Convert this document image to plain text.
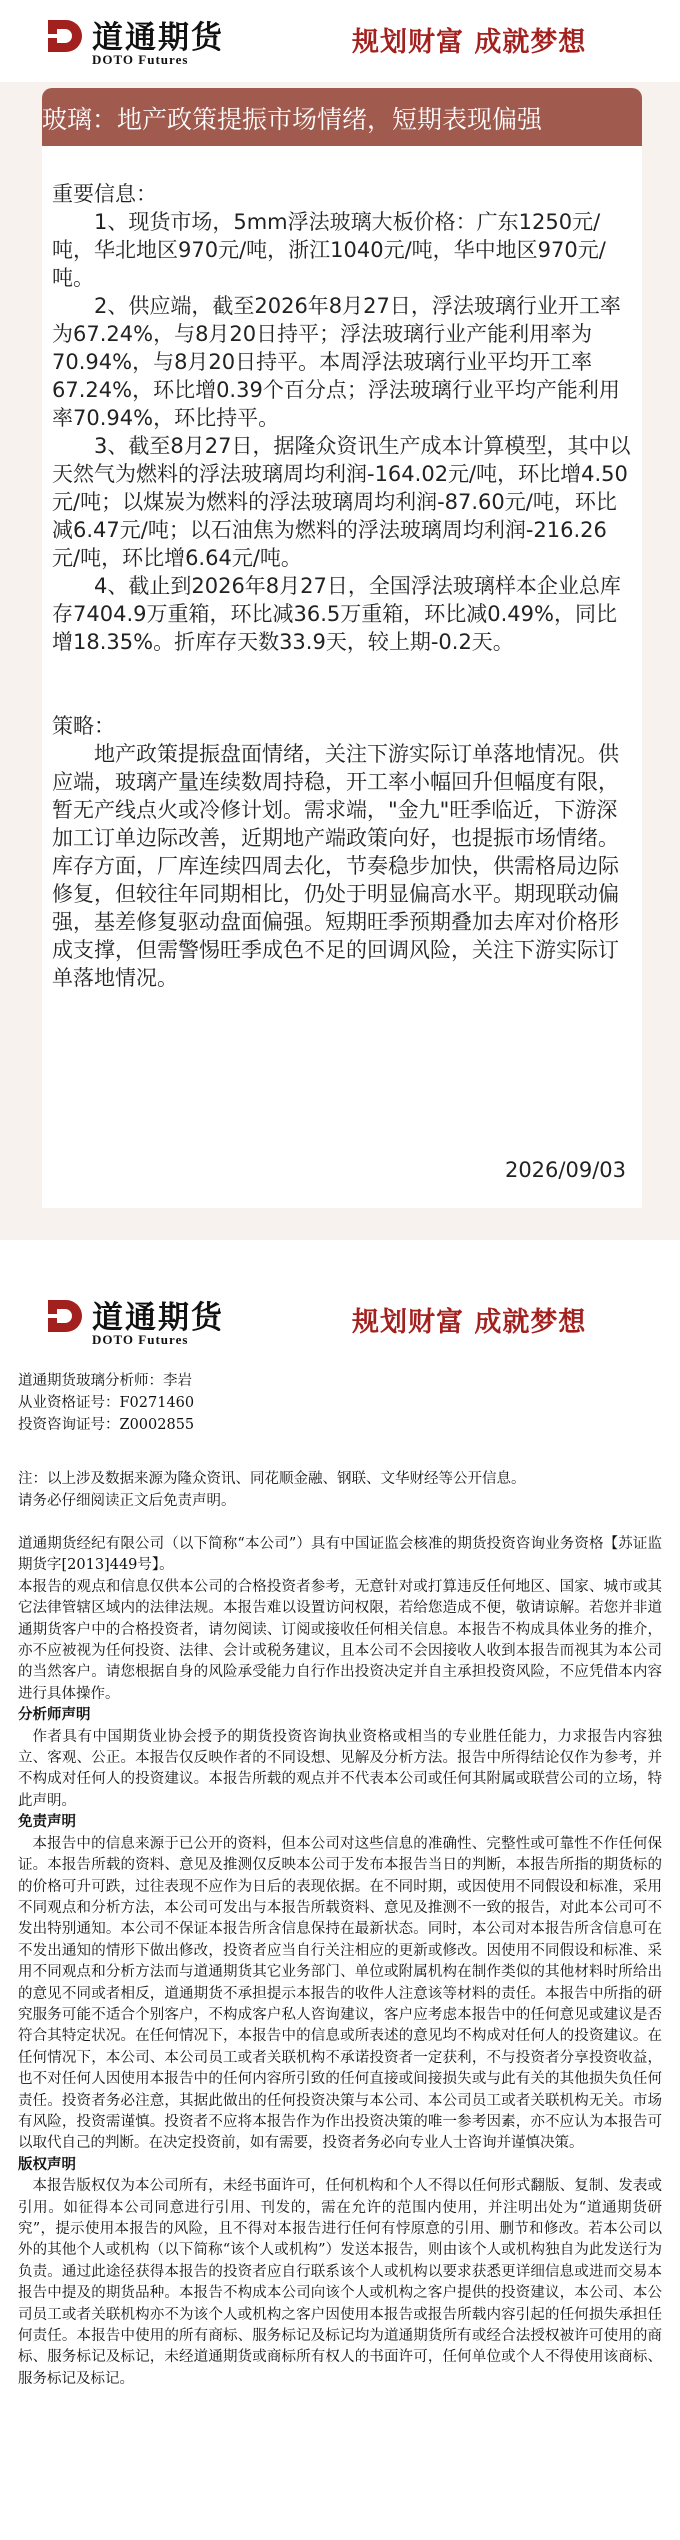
道通期货
DOTO Futures
规划财富 成就梦想
玻璃：地产政策提振市场情绪，短期表现偏强
重要信息：

1、现货市场，5mm浮法玻璃大板价格：广东1250元/吨，华北地区970元/吨，浙江1040元/吨，华中地区970元/吨。

2、供应端，截至2026年8月27日，浮法玻璃行业开工率为67.24%，与8月20日持平；浮法玻璃行业产能利用率为70.94%，与8月20日持平。本周浮法玻璃行业平均开工率67.24%，环比增0.39个百分点；浮法玻璃行业平均产能利用率70.94%，环比持平。

3、截至8月27日，据隆众资讯生产成本计算模型，其中以天然气为燃料的浮法玻璃周均利润-164.02元/吨，环比增4.50元/吨；以煤炭为燃料的浮法玻璃周均利润-87.60元/吨，环比减6.47元/吨；以石油焦为燃料的浮法玻璃周均利润-216.26元/吨，环比增6.64元/吨。

4、截止到2026年8月27日，全国浮法玻璃样本企业总库存7404.9万重箱，环比减36.5万重箱，环比减0.49%，同比增18.35%。折库存天数33.9天，较上期-0.2天。

策略：

地产政策提振盘面情绪，关注下游实际订单落地情况。供应端，玻璃产量连续数周持稳，开工率小幅回升但幅度有限，暂无产线点火或冷修计划。需求端，"金九"旺季临近，下游深加工订单边际改善，近期地产端政策向好，也提振市场情绪。库存方面，厂库连续四周去化，节奏稳步加快，供需格局边际修复，但较往年同期相比，仍处于明显偏高水平。期现联动偏强，基差修复驱动盘面偏强。短期旺季预期叠加去库对价格形成支撑，但需警惕旺季成色不足的回调风险，关注下游实际订单落地情况。

2026/09/03
道通期货
DOTO Futures
规划财富 成就梦想
道通期货玻璃分析师：李岩
从业资格证号：F0271460
投资咨询证号：Z0002855
注：以上涉及数据来源为隆众资讯、同花顺金融、钢联、文华财经等公开信息。
请务必仔细阅读正文后免责声明。

道通期货经纪有限公司（以下简称“本公司”）具有中国证监会核准的期货投资咨询业务资格【苏证监期货字[2013]449号】。

本报告的观点和信息仅供本公司的合格投资者参考，无意针对或打算违反任何地区、国家、城市或其它法律管辖区域内的法律法规。本报告难以设置访问权限，若给您造成不便，敬请谅解。若您并非道通期货客户中的合格投资者，请勿阅读、订阅或接收任何相关信息。本报告不构成具体业务的推介，亦不应被视为任何投资、法律、会计或税务建议，且本公司不会因接收人收到本报告而视其为本公司的当然客户。请您根据自身的风险承受能力自行作出投资决定并自主承担投资风险，不应凭借本内容进行具体操作。

分析师声明

作者具有中国期货业协会授予的期货投资咨询执业资格或相当的专业胜任能力，力求报告内容独立、客观、公正。本报告仅反映作者的不同设想、见解及分析方法。报告中所得结论仅作为参考，并不构成对任何人的投资建议。本报告所载的观点并不代表本公司或任何其附属或联营公司的立场，特此声明。

免责声明

本报告中的信息来源于已公开的资料，但本公司对这些信息的准确性、完整性或可靠性不作任何保证。本报告所载的资料、意见及推测仅反映本公司于发布本报告当日的判断，本报告所指的期货标的的价格可升可跌，过往表现不应作为日后的表现依据。在不同时期，或因使用不同假设和标准，采用不同观点和分析方法，本公司可发出与本报告所载资料、意见及推测不一致的报告，对此本公司可不发出特别通知。本公司不保证本报告所含信息保持在最新状态。同时，本公司对本报告所含信息可在不发出通知的情形下做出修改，投资者应当自行关注相应的更新或修改。因使用不同假设和标准、采用不同观点和分析方法而与道通期货其它业务部门、单位或附属机构在制作类似的其他材料时所给出的意见不同或者相反，道通期货不承担提示本报告的收件人注意该等材料的责任。本报告中所指的研究服务可能不适合个别客户，不构成客户私人咨询建议，客户应考虑本报告中的任何意见或建议是否符合其特定状况。在任何情况下，本报告中的信息或所表述的意见均不构成对任何人的投资建议。在任何情况下，本公司、本公司员工或者关联机构不承诺投资者一定获利，不与投资者分享投资收益，也不对任何人因使用本报告中的任何内容所引致的任何直接或间接损失或与此有关的其他损失负任何责任。投资者务必注意，其据此做出的任何投资决策与本公司、本公司员工或者关联机构无关。市场有风险，投资需谨慎。投资者不应将本报告作为作出投资决策的唯一参考因素，亦不应认为本报告可以取代自己的判断。在决定投资前，如有需要，投资者务必向专业人士咨询并谨慎决策。

版权声明

本报告版权仅为本公司所有，未经书面许可，任何机构和个人不得以任何形式翻版、复制、发表或引用。如征得本公司同意进行引用、刊发的，需在允许的范围内使用，并注明出处为“道通期货研究”，提示使用本报告的风险，且不得对本报告进行任何有悖原意的引用、删节和修改。若本公司以外的其他个人或机构（以下简称“该个人或机构”）发送本报告，则由该个人或机构独自为此发送行为负责。通过此途径获得本报告的投资者应自行联系该个人或机构以要求获悉更详细信息或进而交易本报告中提及的期货品种。本报告不构成本公司向该个人或机构之客户提供的投资建议，本公司、本公司员工或者关联机构亦不为该个人或机构之客户因使用本报告或报告所载内容引起的任何损失承担任何责任。本报告中使用的所有商标、服务标记及标记均为道通期货所有或经合法授权被许可使用的商标、服务标记及标记，未经道通期货或商标所有权人的书面许可，任何单位或个人不得使用该商标、服务标记及标记。
